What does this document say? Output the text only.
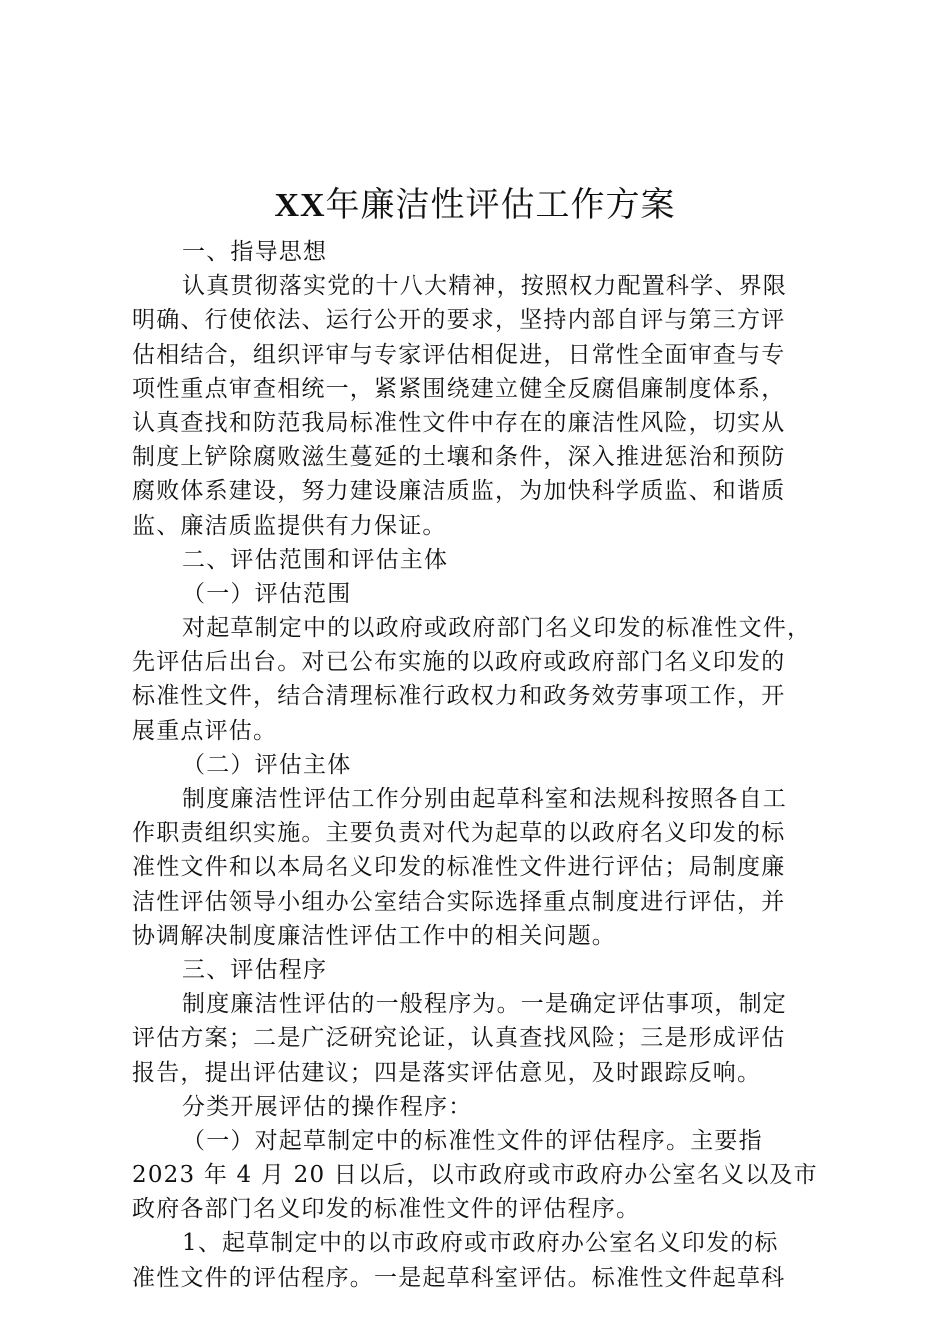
XX年廉洁性评估工作方案
一、指导思想
认真贯彻落实党的十八大精神，按照权力配置科学、界限
明确、行使依法、运行公开的要求，坚持内部自评与第三方评
估相结合，组织评审与专家评估相促进，日常性全面审查与专
项性重点审查相统一，紧紧围绕建立健全反腐倡廉制度体系，
认真查找和防范我局标准性文件中存在的廉洁性风险，切实从
制度上铲除腐败滋生蔓延的土壤和条件，深入推进惩治和预防
腐败体系建设，努力建设廉洁质监，为加快科学质监、和谐质
监、廉洁质监提供有力保证。
二、评估范围和评估主体
（一）评估范围
对起草制定中的以政府或政府部门名义印发的标准性文件，
先评估后出台。对已公布实施的以政府或政府部门名义印发的
标准性文件，结合清理标准行政权力和政务效劳事项工作，开
展重点评估。
（二）评估主体
制度廉洁性评估工作分别由起草科室和法规科按照各自工
作职责组织实施。主要负责对代为起草的以政府名义印发的标
准性文件和以本局名义印发的标准性文件进行评估；局制度廉
洁性评估领导小组办公室结合实际选择重点制度进行评估，并
协调解决制度廉洁性评估工作中的相关问题。
三、评估程序
制度廉洁性评估的一般程序为。一是确定评估事项，制定
评估方案；二是广泛研究论证，认真查找风险；三是形成评估
报告，提出评估建议；四是落实评估意见，及时跟踪反响。
分类开展评估的操作程序：
（一）对起草制定中的标准性文件的评估程序。主要指
2023 年 4 月 20 日以后，以市政府或市政府办公室名义以及市
政府各部门名义印发的标准性文件的评估程序。
1、起草制定中的以市政府或市政府办公室名义印发的标
准性文件的评估程序。一是起草科室评估。标准性文件起草科
